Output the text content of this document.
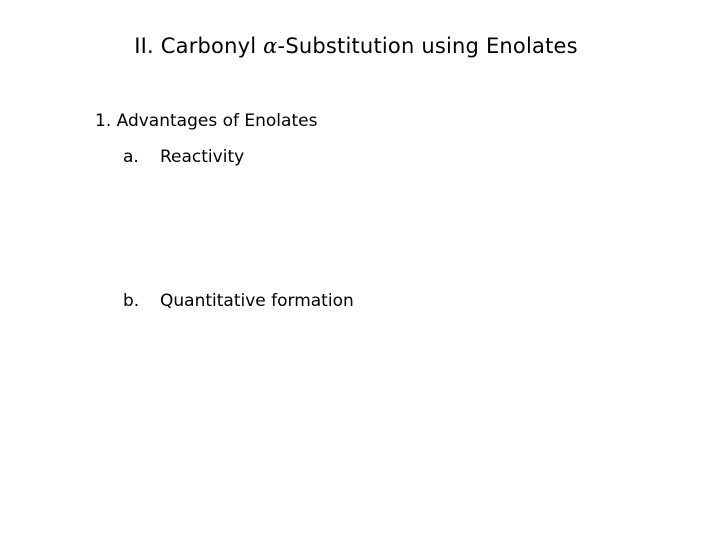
II. Carbonyl α-Substitution using Enolates
1. Advantages of Enolates
a. Reactivity
b. Quantitative formation
